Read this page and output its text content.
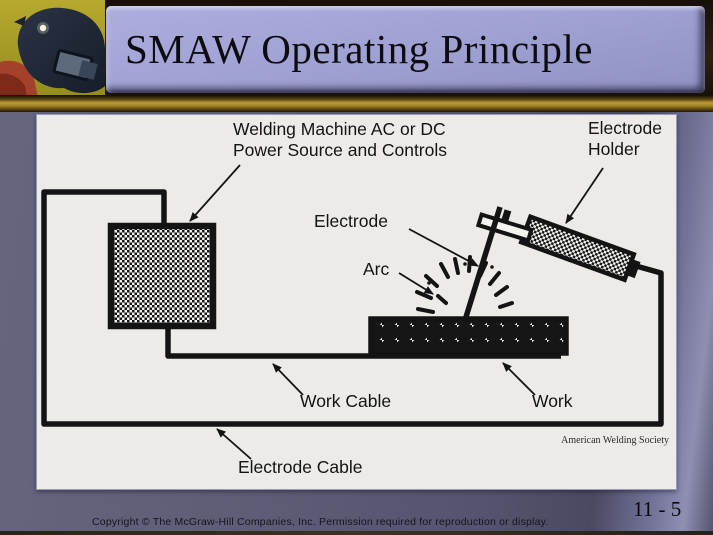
SMAW Operating Principle
Welding Machine AC or DC
Power Source and Controls
Electrode
Holder
Electrode
Arc
Work Cable	Work
Electrode Cable
American Welding Society
Copyright © The McGraw-Hill Companies, Inc. Permission required for reproduction or display.
11 - 5
